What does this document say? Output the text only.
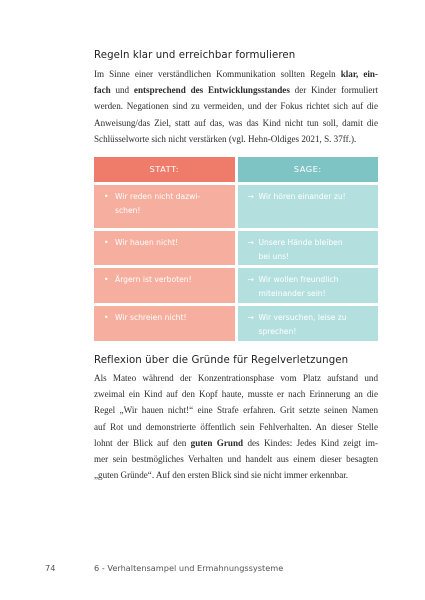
Regeln klar und erreichbar formulieren
Im Sinne einer verständlichen Kommunikation sollten Regeln klar, ein-
fach und entsprechend des Entwicklungsstandes der Kinder formuliert
werden. Negationen sind zu vermeiden, und der Fokus richtet sich auf die
Anweisung/das Ziel, statt auf das, was das Kind nicht tun soll, damit die
Schlüsselworte sich nicht verstärken (vgl. Hehn-Oldiges 2021, S. 37ff.).
STATT:	SAGE:
• Wir reden nicht dazwi-
schen!
→ Wir hören einander zu!
• Wir hauen nicht!	→ Unsere Hände bleiben
bei uns!
• Ärgern ist verboten!	→ Wir wollen freundlich
miteinander sein!
• Wir schreien nicht!	→ Wir versuchen, leise zu
sprechen!
Reflexion über die Gründe für Regelverletzungen
Als Mateo während der Konzentrationsphase vom Platz aufstand und
zweimal ein Kind auf den Kopf haute, musste er nach Erinnerung an die
Regel „Wir hauen nicht!“ eine Strafe erfahren. Grit setzte seinen Namen
auf Rot und demonstrierte öffentlich sein Fehlverhalten. An dieser Stelle
lohnt der Blick auf den guten Grund des Kindes: Jedes Kind zeigt im-
mer sein bestmögliches Verhalten und handelt aus einem dieser besagten
„guten Gründe“. Auf den ersten Blick sind sie nicht immer erkennbar.
74	6 - Verhaltensampel und Ermahnungssysteme
